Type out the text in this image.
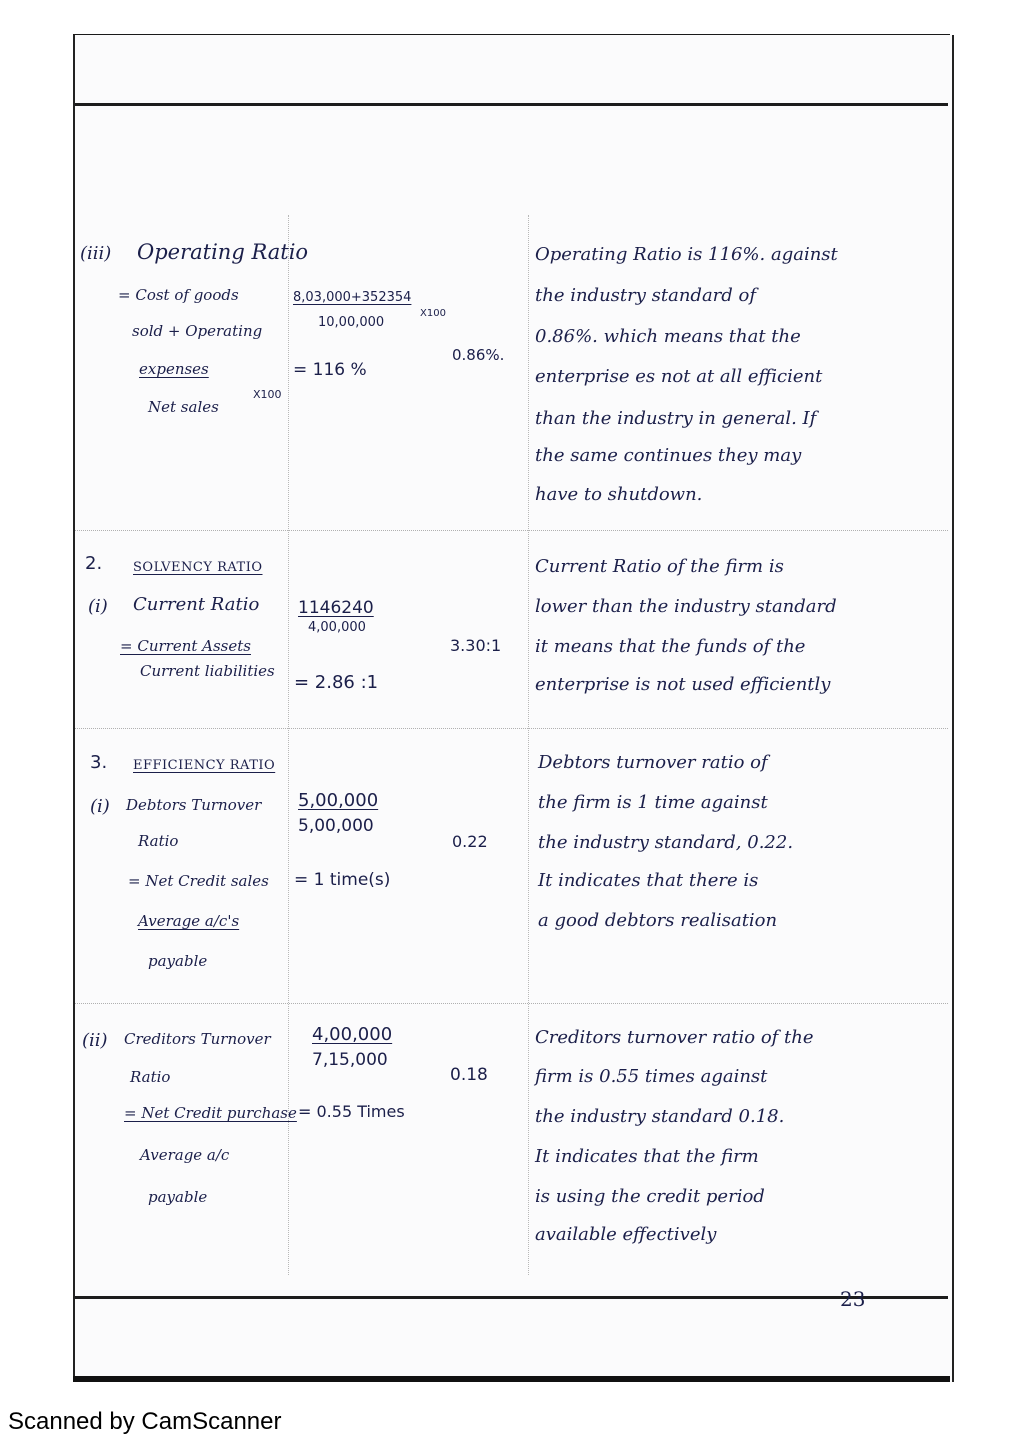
(iii) Operating Ratio
= Cost of goods
sold + Operating
expenses
X100
Net sales
8,03,000+352354
10,00,000
X100
= 116 %
0.86%.
Operating Ratio is 116%. against
the industry standard of
0.86%. which means that the
enterprise es not at all efficient
than the industry in general. If
the same continues they may
have to shutdown.
2. SOLVENCY RATIO
(i) Current Ratio
= Current Assets
Current liabilities
1146240
4,00,000
= 2.86 :1
3.30:1
Current Ratio of the firm is
lower than the industry standard
it means that the funds of the
enterprise is not used efficiently
3. EFFICIENCY RATIO
(i) Debtors Turnover
Ratio
= Net Credit sales
Average a/c's
payable
5,00,000
5,00,000
= 1 time(s)
0.22
Debtors turnover ratio of
the firm is 1 time against
the industry standard, 0.22.
It indicates that there is
a good debtors realisation
(ii) Creditors Turnover
Ratio
= Net Credit purchase
Average a/c
payable
4,00,000
7,15,000
= 0.55 Times
0.18
Creditors turnover ratio of the
firm is 0.55 times against
the industry standard 0.18.
It indicates that the firm
is using the credit period
available effectively
23
Scanned by CamScanner
